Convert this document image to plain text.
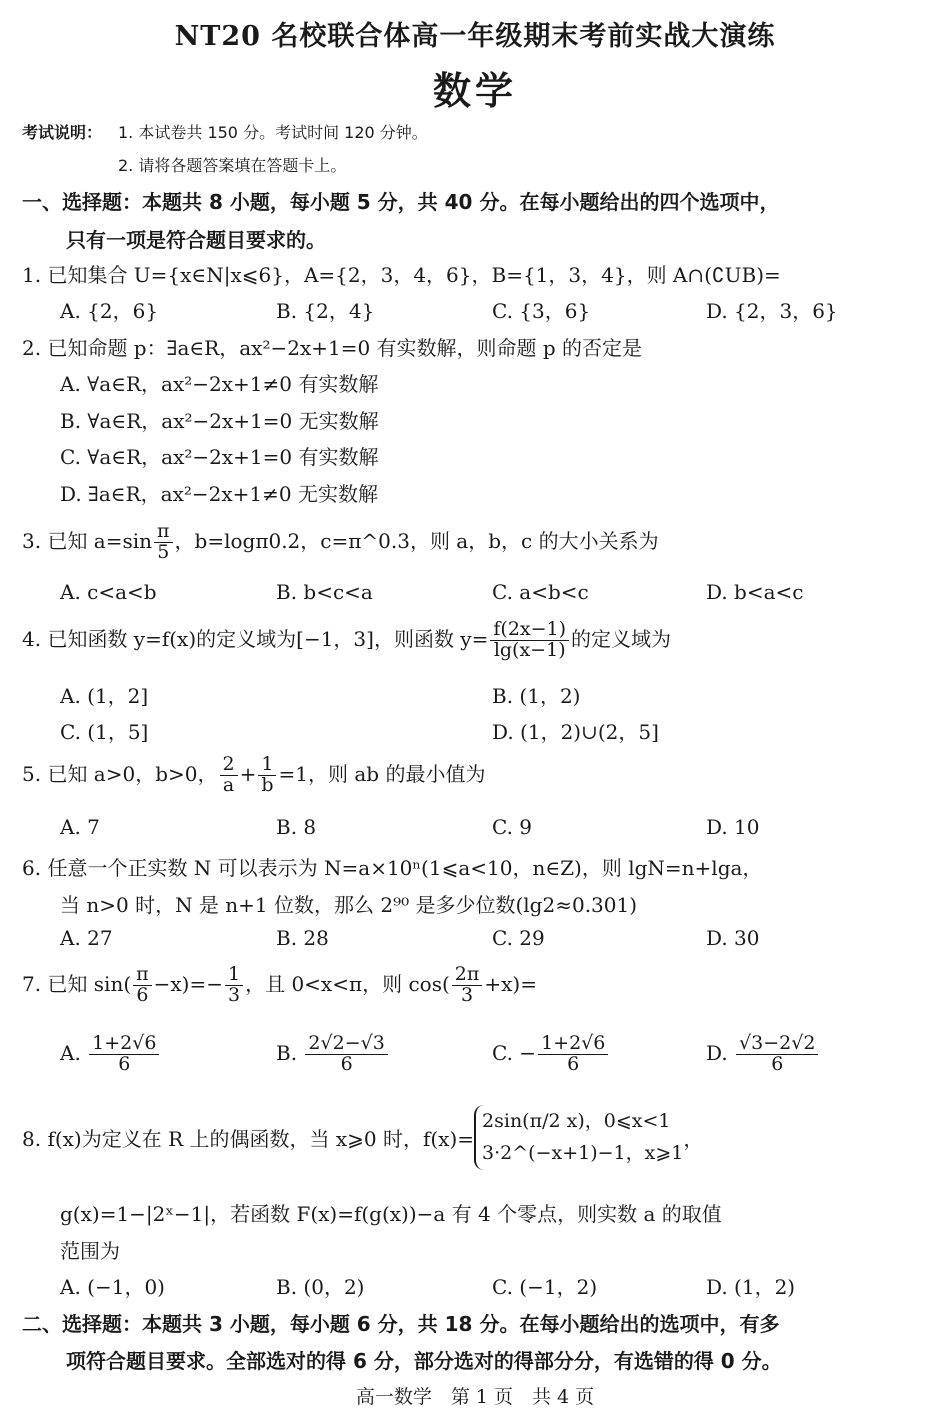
NT20 名校联合体高一年级期末考前实战大演练
数学
考试说明： 1. 本试卷共 150 分。考试时间 120 分钟。
2. 请将各题答案填在答题卡上。
一、选择题：本题共 8 小题，每小题 5 分，共 40 分。在每小题给出的四个选项中，
只有一项是符合题目要求的。
1. 已知集合 U={x∈N|x⩽6}，A={2，3，4，6}，B={1，3，4}，则 A∩(∁UB)=
A. {2，6}	B. {2，4}	C. {3，6}	D. {2，3，6}
2. 已知命题 p：∃a∈R，ax²−2x+1=0 有实数解，则命题 p 的否定是
A. ∀a∈R，ax²−2x+1≠0 有实数解
B. ∀a∈R，ax²−2x+1=0 无实数解
C. ∀a∈R，ax²−2x+1=0 有实数解
D. ∃a∈R，ax²−2x+1≠0 无实数解
3. 已知 $a=\sin \frac{\pi}{5}$ ，b=logπ0.2，c=π^0.3，则 a，b，c 的大小关系为
A. c<a<b	B. b<c<a	C. a<b<c	D. b<a<c
4. 已知函数 y=f(x)的定义域为[−1，3]，则函数 $y= \frac{f(2x-1)}{\lg(x-1)}$ 的定义域为
A. (1，2]	B. (1，2)
C. (1，5]	D. (1，2)∪(2，5]
5. 已知 a>0，b>0， $\frac{2}{a} + \frac{1}{b} =1$，则 ab 的最小值为
A. 7	B. 8	C. 9	D. 10
6. 任意一个正实数 N 可以表示为 N=a×10ⁿ(1⩽a<10，n∈Z)，则 lgN=n+lga，
当 n>0 时，N 是 n+1 位数，那么 2⁹⁰ 是多少位数(lg2≈0.301)
A. 27	B. 28	C. 29	D. 30
7. 已知 $\sin( \frac{\pi}{6} -x)=- \frac{1}{3}$ ，且 0<x<π，则 $\cos( \frac{2\pi}{3} +x)=$
A. $\frac{1+2√6}{6}$	B. $\frac{2√2-√3}{6}$	C. − $\frac{1+2√6}{6}$	D. $\frac{√3-2√2}{6}$
8. f(x)为定义在 R 上的偶函数，当 x⩾0 时，f(x)=2sin(π/2 x)，0⩽x<1
3·2^(−x+1)−1，x⩾1，
g(x)=1−|2ˣ−1|，若函数 F(x)=f(g(x))−a 有 4 个零点，则实数 a 的取值
范围为
A. (−1，0)	B. (0，2)	C. (−1，2)	D. (1，2)
二、选择题：本题共 3 小题，每小题 6 分，共 18 分。在每小题给出的选项中，有多
项符合题目要求。全部选对的得 6 分，部分选对的得部分分，有选错的得 0 分。
高一数学　第 1 页　共 4 页
